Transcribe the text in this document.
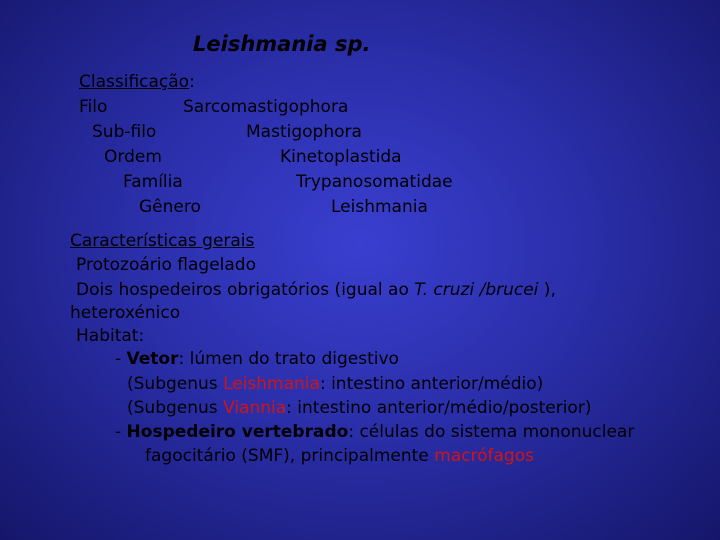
Leishmania sp.
Classificação:
Filo	Sarcomastigophora
Sub-filo	Mastigophora
Ordem	Kinetoplastida
Família	Trypanosomatidae
Gênero	Leishmania
Características gerais
Protozoário flagelado
Dois hospedeiros obrigatórios (igual ao T. cruzi /brucei ),
heteroxénico
Habitat:
- Vetor: lúmen do trato digestivo
(Subgenus Leishmania: intestino anterior/médio)
(Subgenus Viannia: intestino anterior/médio/posterior)
- Hospedeiro vertebrado: células do sistema mononuclear
fagocitário (SMF), principalmente macrófagos
